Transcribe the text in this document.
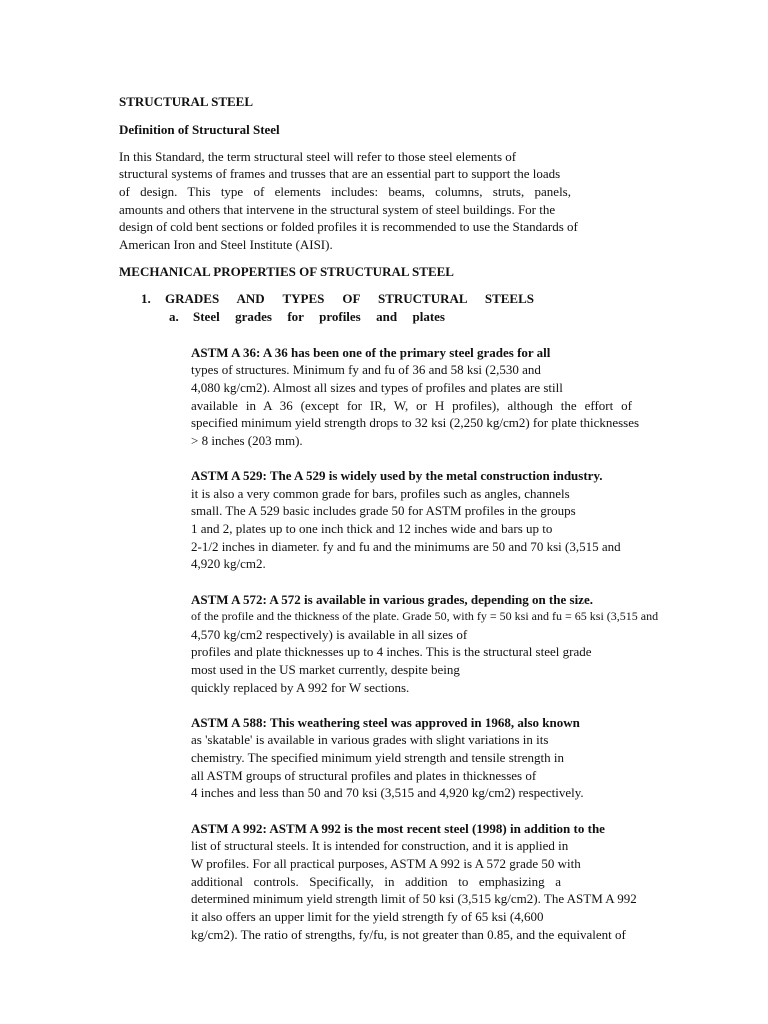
STRUCTURAL STEEL
Definition of Structural Steel
In this Standard, the term structural steel will refer to those steel elements of
structural systems of frames and trusses that are an essential part to support the loads
of design. This type of elements includes: beams, columns, struts, panels,
amounts and others that intervene in the structural system of steel buildings. For the
design of cold bent sections or folded profiles it is recommended to use the Standards of
American Iron and Steel Institute (AISI).
MECHANICAL PROPERTIES OF STRUCTURAL STEEL
1. GRADES AND TYPES OF STRUCTURAL STEELS
a. Steel grades for profiles and plates
ASTM A 36: A 36 has been one of the primary steel grades for all
types of structures. Minimum fy and fu of 36 and 58 ksi (2,530 and
4,080 kg/cm2). Almost all sizes and types of profiles and plates are still
available in A 36 (except for IR, W, or H profiles), although the effort of
specified minimum yield strength drops to 32 ksi (2,250 kg/cm2) for plate thicknesses
> 8 inches (203 mm).
ASTM A 529: The A 529 is widely used by the metal construction industry.
it is also a very common grade for bars, profiles such as angles, channels
small. The A 529 basic includes grade 50 for ASTM profiles in the groups
1 and 2, plates up to one inch thick and 12 inches wide and bars up to
2-1/2 inches in diameter. fy and fu and the minimums are 50 and 70 ksi (3,515 and
4,920 kg/cm2.
ASTM A 572: A 572 is available in various grades, depending on the size.
of the profile and the thickness of the plate. Grade 50, with fy = 50 ksi and fu = 65 ksi (3,515 and
4,570 kg/cm2 respectively) is available in all sizes of
profiles and plate thicknesses up to 4 inches. This is the structural steel grade
most used in the US market currently, despite being
quickly replaced by A 992 for W sections.
ASTM A 588: This weathering steel was approved in 1968, also known
as 'skatable' is available in various grades with slight variations in its
chemistry. The specified minimum yield strength and tensile strength in
all ASTM groups of structural profiles and plates in thicknesses of
4 inches and less than 50 and 70 ksi (3,515 and 4,920 kg/cm2) respectively.
ASTM A 992: ASTM A 992 is the most recent steel (1998) in addition to the
list of structural steels. It is intended for construction, and it is applied in
W profiles. For all practical purposes, ASTM A 992 is A 572 grade 50 with
additional controls. Specifically, in addition to emphasizing a
determined minimum yield strength limit of 50 ksi (3,515 kg/cm2). The ASTM A 992
it also offers an upper limit for the yield strength fy of 65 ksi (4,600
kg/cm2). The ratio of strengths, fy/fu, is not greater than 0.85, and the equivalent of
